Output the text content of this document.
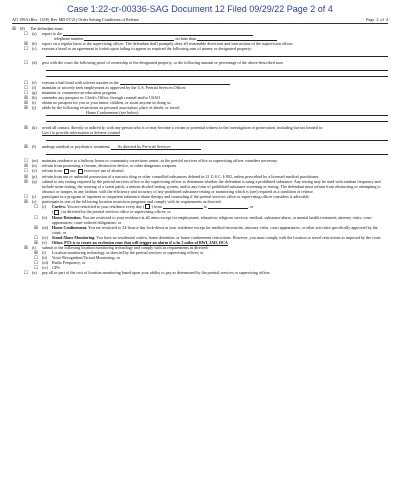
Case 1:22-cr-00336-SAG Document 12 Filed 09/29/22 Page 2 of 4
AO 199A (Rev. 11/08; Rev MD 07/21) Order Setting Conditions of Release	Page 2 of 4
☒ (8)	The defendant must:
☐ (a)	report to the
telephone number	no later than
☒ (b)	report on a regular basis to the supervising officer. The defendant shall promptly obey all reasonable directions and instructions of the supervision officer.
☐ (c)	execute a bond or an agreement to forfeit upon failing to appear as required the following sum of money or designated property:
☐ (d)	post with the court the following proof of ownership of the designated property, or the following amount or percentage of the above-described sum
☐ (e)	execute a bail bond with solvent sureties in the
☐ (f)	maintain or actively seek employment as approved by the U.S. Pretrial Services Officer.
☐ (g)	maintain or commence an education program.
☒ (h)	surrender any passport to: Clerk's Office, through counsel and/or USAO
☒ (i)	obtain no passport for you or your minor children, or assist anyone in doing so
☒ (j)	abide by the following restrictions on personal association, place of abode, or travel:
Home Confinement (see below)
☒ (k)	avoid all contact, directly or indirectly, with any person who is or may become a victim or potential witness in the investigation or prosecution, including but not limited to:
Gov't to provide information to defense counsel
☒ (l)	undergo medical or psychiatric treatment: As directed by Pre-trial Services
☐ (m) maintain residence at a halfway house or community corrections center, as the pretrial services office or supervising officer considers necessary.
☒ (n)	refrain from possessing a firearm, destructive device, or other dangerous weapons.
☐ (o)	refrain from any excessive use of alcohol.
☒ (p)	refrain from use or unlawful possession of a narcotic drug or other controlled substances defined in 21 U.S.C. § 802, unless prescribed by a licensed medical practitioner.
☒ (q)	submit to any testing required by the pretrial services office or the supervising officer to determine whether the defendant is using a prohibited substance. Any testing may be used with random frequency and include urine testing, the wearing of a sweat patch, a remote alcohol testing system, and/or any form of prohibited substance screening or testing. The defendant must refrain from obstructing or attempting to obstruct or tamper, in any fashion, with the efficiency and accuracy of any prohibited substance testing or monitoring which is (are) required as a condition of release.
☐ (r)	participate in a program of inpatient or outpatient substance abuse therapy and counseling if the pretrial services office or supervising officer considers it advisable.
☒ (s)	participate in one of the following location restriction programs and comply with its requirements as directed.
☐ (i)	Curfew. You are restricted to your residence every day ( ) from	to	, or
( ) as directed by the pretrial services office or supervising officer; or
☐ (ii)	Home Detention. You are restricted to your residence at all times except for employment; education; religious services; medical, substance abuse, or mental health treatment; attorney visits; court appearances; court-ordered obligations; or
☒ (iii) Home Confinement. You are restricted to 24-hour-a-day lock-down at your residence except for medical necessities, attorney visits, court appearances, or other activities specifically approved by the court; or
☐ (iv) Stand Alone Monitoring. You have no residential curfew, home detention, or home confinement restrictions. However, you must comply with the location or travel restrictions as imposed by the court.
☒ (v)	Other. PTS is to create an exclusion zone that will trigger an alarm if w/in 5 miles of BWI, IAD, DCA
☒ (t)	submit to the following location monitoring technology and comply with its requirements as directed:
☒ (i)	Location monitoring technology as directed by the pretrial services or supervising officer; or
☐ (ii)	Voice Recognition/Virtual Monitoring; or
☐ (iii) Radio Frequency; or
☐ (iv) GPS.
☐ (u)	pay all or part of the cost of location monitoring based upon your ability to pay as determined by the pretrial services or supervising officer.
